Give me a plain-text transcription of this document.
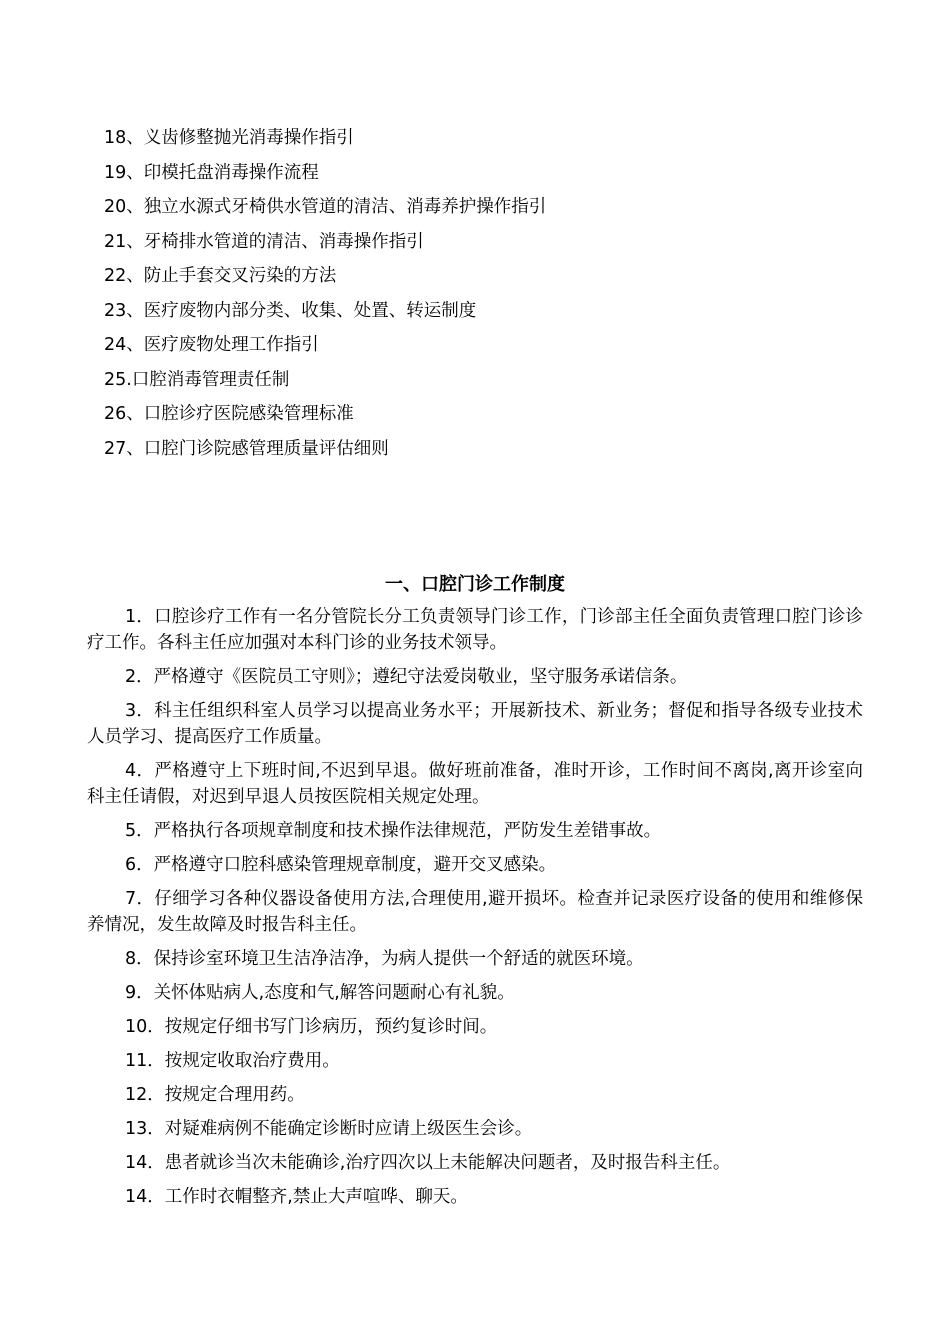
18、义齿修整抛光消毒操作指引
19、印模托盘消毒操作流程
20、独立水源式牙椅供水管道的清洁、消毒养护操作指引
21、牙椅排水管道的清洁、消毒操作指引
22、防止手套交叉污染的方法
23、医疗废物内部分类、收集、处置、转运制度
24、医疗废物处理工作指引
25.口腔消毒管理责任制
26、口腔诊疗医院感染管理标准
27、口腔门诊院感管理质量评估细则
一、口腔门诊工作制度

1．口腔诊疗工作有一名分管院长分工负责领导门诊工作，门诊部主任全面负责管理口腔门诊诊疗工作。各科主任应加强对本科门诊的业务技术领导。

2．严格遵守《医院员工守则》；遵纪守法爱岗敬业，坚守服务承诺信条。

3．科主任组织科室人员学习以提高业务水平；开展新技术、新业务；督促和指导各级专业技术人员学习、提高医疗工作质量。

4．严格遵守上下班时间,不迟到早退。做好班前准备，准时开诊，工作时间不离岗,离开诊室向科主任请假，对迟到早退人员按医院相关规定处理。

5．严格执行各项规章制度和技术操作法律规范，严防发生差错事故。

6．严格遵守口腔科感染管理规章制度，避开交叉感染。

7．仔细学习各种仪器设备使用方法,合理使用,避开损坏。检查并记录医疗设备的使用和维修保养情况，发生故障及时报告科主任。

8．保持诊室环境卫生洁净洁净，为病人提供一个舒适的就医环境。

9．关怀体贴病人,态度和气,解答问题耐心有礼貌。

10．按规定仔细书写门诊病历，预约复诊时间。

11．按规定收取治疗费用。

12．按规定合理用药。

13．对疑难病例不能确定诊断时应请上级医生会诊。

14．患者就诊当次未能确诊,治疗四次以上未能解决问题者，及时报告科主任。

14．工作时衣帽整齐,禁止大声喧哗、聊天。
